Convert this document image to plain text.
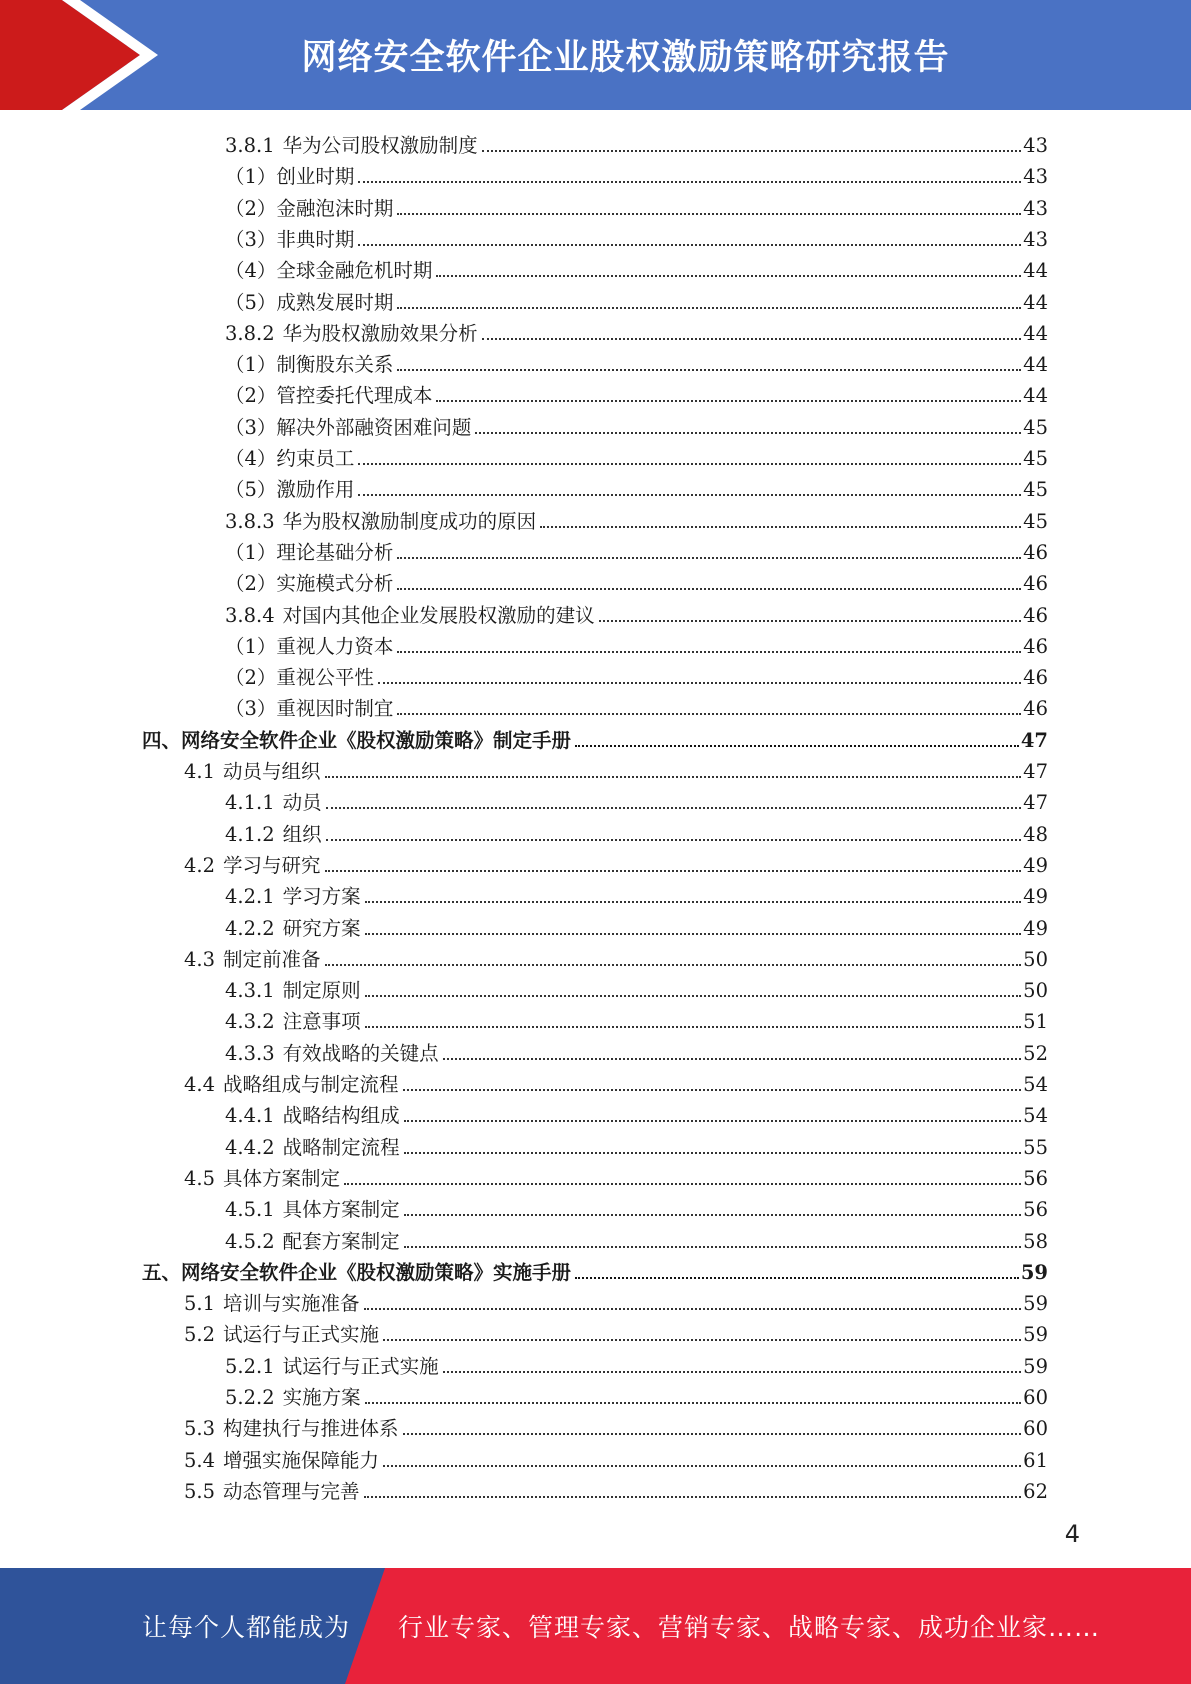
网络安全软件企业股权激励策略研究报告
3.8.1 华为公司股权激励制度	43
（1） 创业时期	43
（2） 金融泡沫时期	43
（3） 非典时期	43
（4） 全球金融危机时期	44
（5） 成熟发展时期	44
3.8.2 华为股权激励效果分析	44
（1） 制衡股东关系	44
（2） 管控委托代理成本	44
（3） 解决外部融资困难问题	45
（4） 约束员工	45
（5） 激励作用	45
3.8.3 华为股权激励制度成功的原因	45
（1） 理论基础分析	46
（2） 实施模式分析	46
3.8.4 对国内其他企业发展股权激励的建议	46
（1） 重视人力资本	46
（2） 重视公平性	46
（3） 重视因时制宜	46
四、 网络安全软件企业《股权激励策略》制定手册	47
4.1 动员与组织	47
4.1.1 动员	47
4.1.2 组织	48
4.2 学习与研究	49
4.2.1 学习方案	49
4.2.2 研究方案	49
4.3 制定前准备	50
4.3.1 制定原则	50
4.3.2 注意事项	51
4.3.3 有效战略的关键点	52
4.4 战略组成与制定流程	54
4.4.1 战略结构组成	54
4.4.2 战略制定流程	55
4.5 具体方案制定	56
4.5.1 具体方案制定	56
4.5.2 配套方案制定	58
五、 网络安全软件企业《股权激励策略》实施手册	59
5.1 培训与实施准备	59
5.2 试运行与正式实施	59
5.2.1 试运行与正式实施	59
5.2.2 实施方案	60
5.3 构建执行与推进体系	60
5.4 增强实施保障能力	61
5.5 动态管理与完善	62
4
让每个人都能成为 行业专家、管理专家、营销专家、战略专家、成功企业家……
